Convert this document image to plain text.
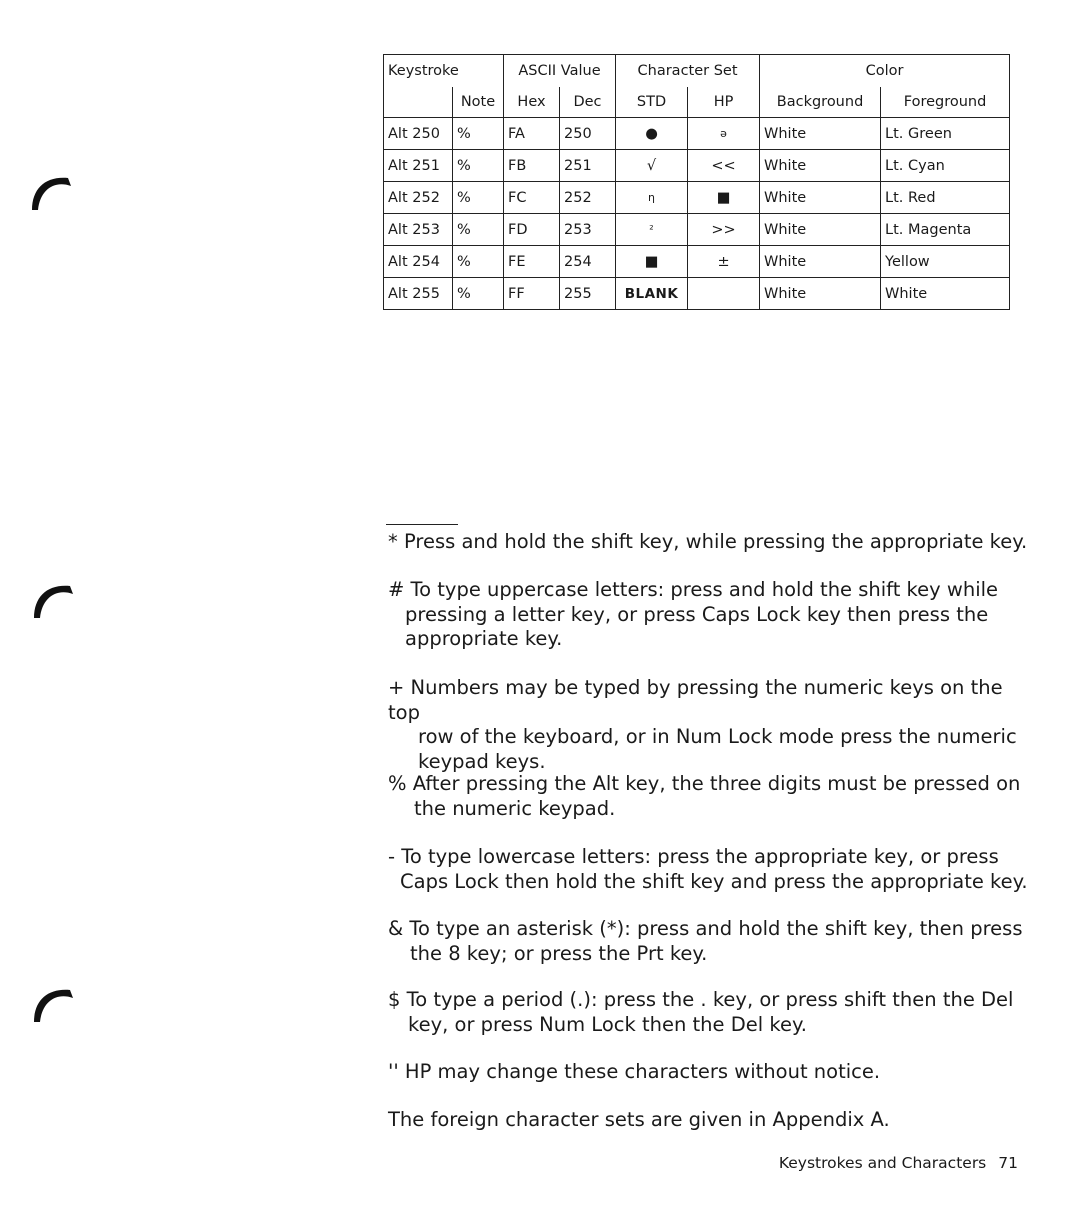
Keystroke		ASCII Value		Character Set		Color	
	Note	Hex	Dec	STD	HP	Background	Foreground
Alt 250	%	FA	250	●	ə	White	Lt. Green
Alt 251	%	FB	251	√	<<	White	Lt. Cyan
Alt 252	%	FC	252	η	■	White	Lt. Red
Alt 253	%	FD	253	²	>>	White	Lt. Magenta
Alt 254	%	FE	254	■	±	White	Yellow
Alt 255	%	FF	255	BLANK		White	White
* Press and hold the shift key, while pressing the appropriate key.
# To type uppercase letters: press and hold the shift key while
pressing a letter key, or press Caps Lock key then press the
appropriate key.
+ Numbers may be typed by pressing the numeric keys on the top
row of the keyboard, or in Num Lock mode press the numeric
keypad keys.
% After pressing the Alt key, the three digits must be pressed on
the numeric keypad.
- To type lowercase letters: press the appropriate key, or press
Caps Lock then hold the shift key and press the appropriate key.
& To type an asterisk (*): press and hold the shift key, then press
the 8 key; or press the Prt key.
$ To type a period (.): press the . key, or press shift then the Del
key, or press Num Lock then the Del key.
'' HP may change these characters without notice.
The foreign character sets are given in Appendix A.
Keystrokes and Characters 71
